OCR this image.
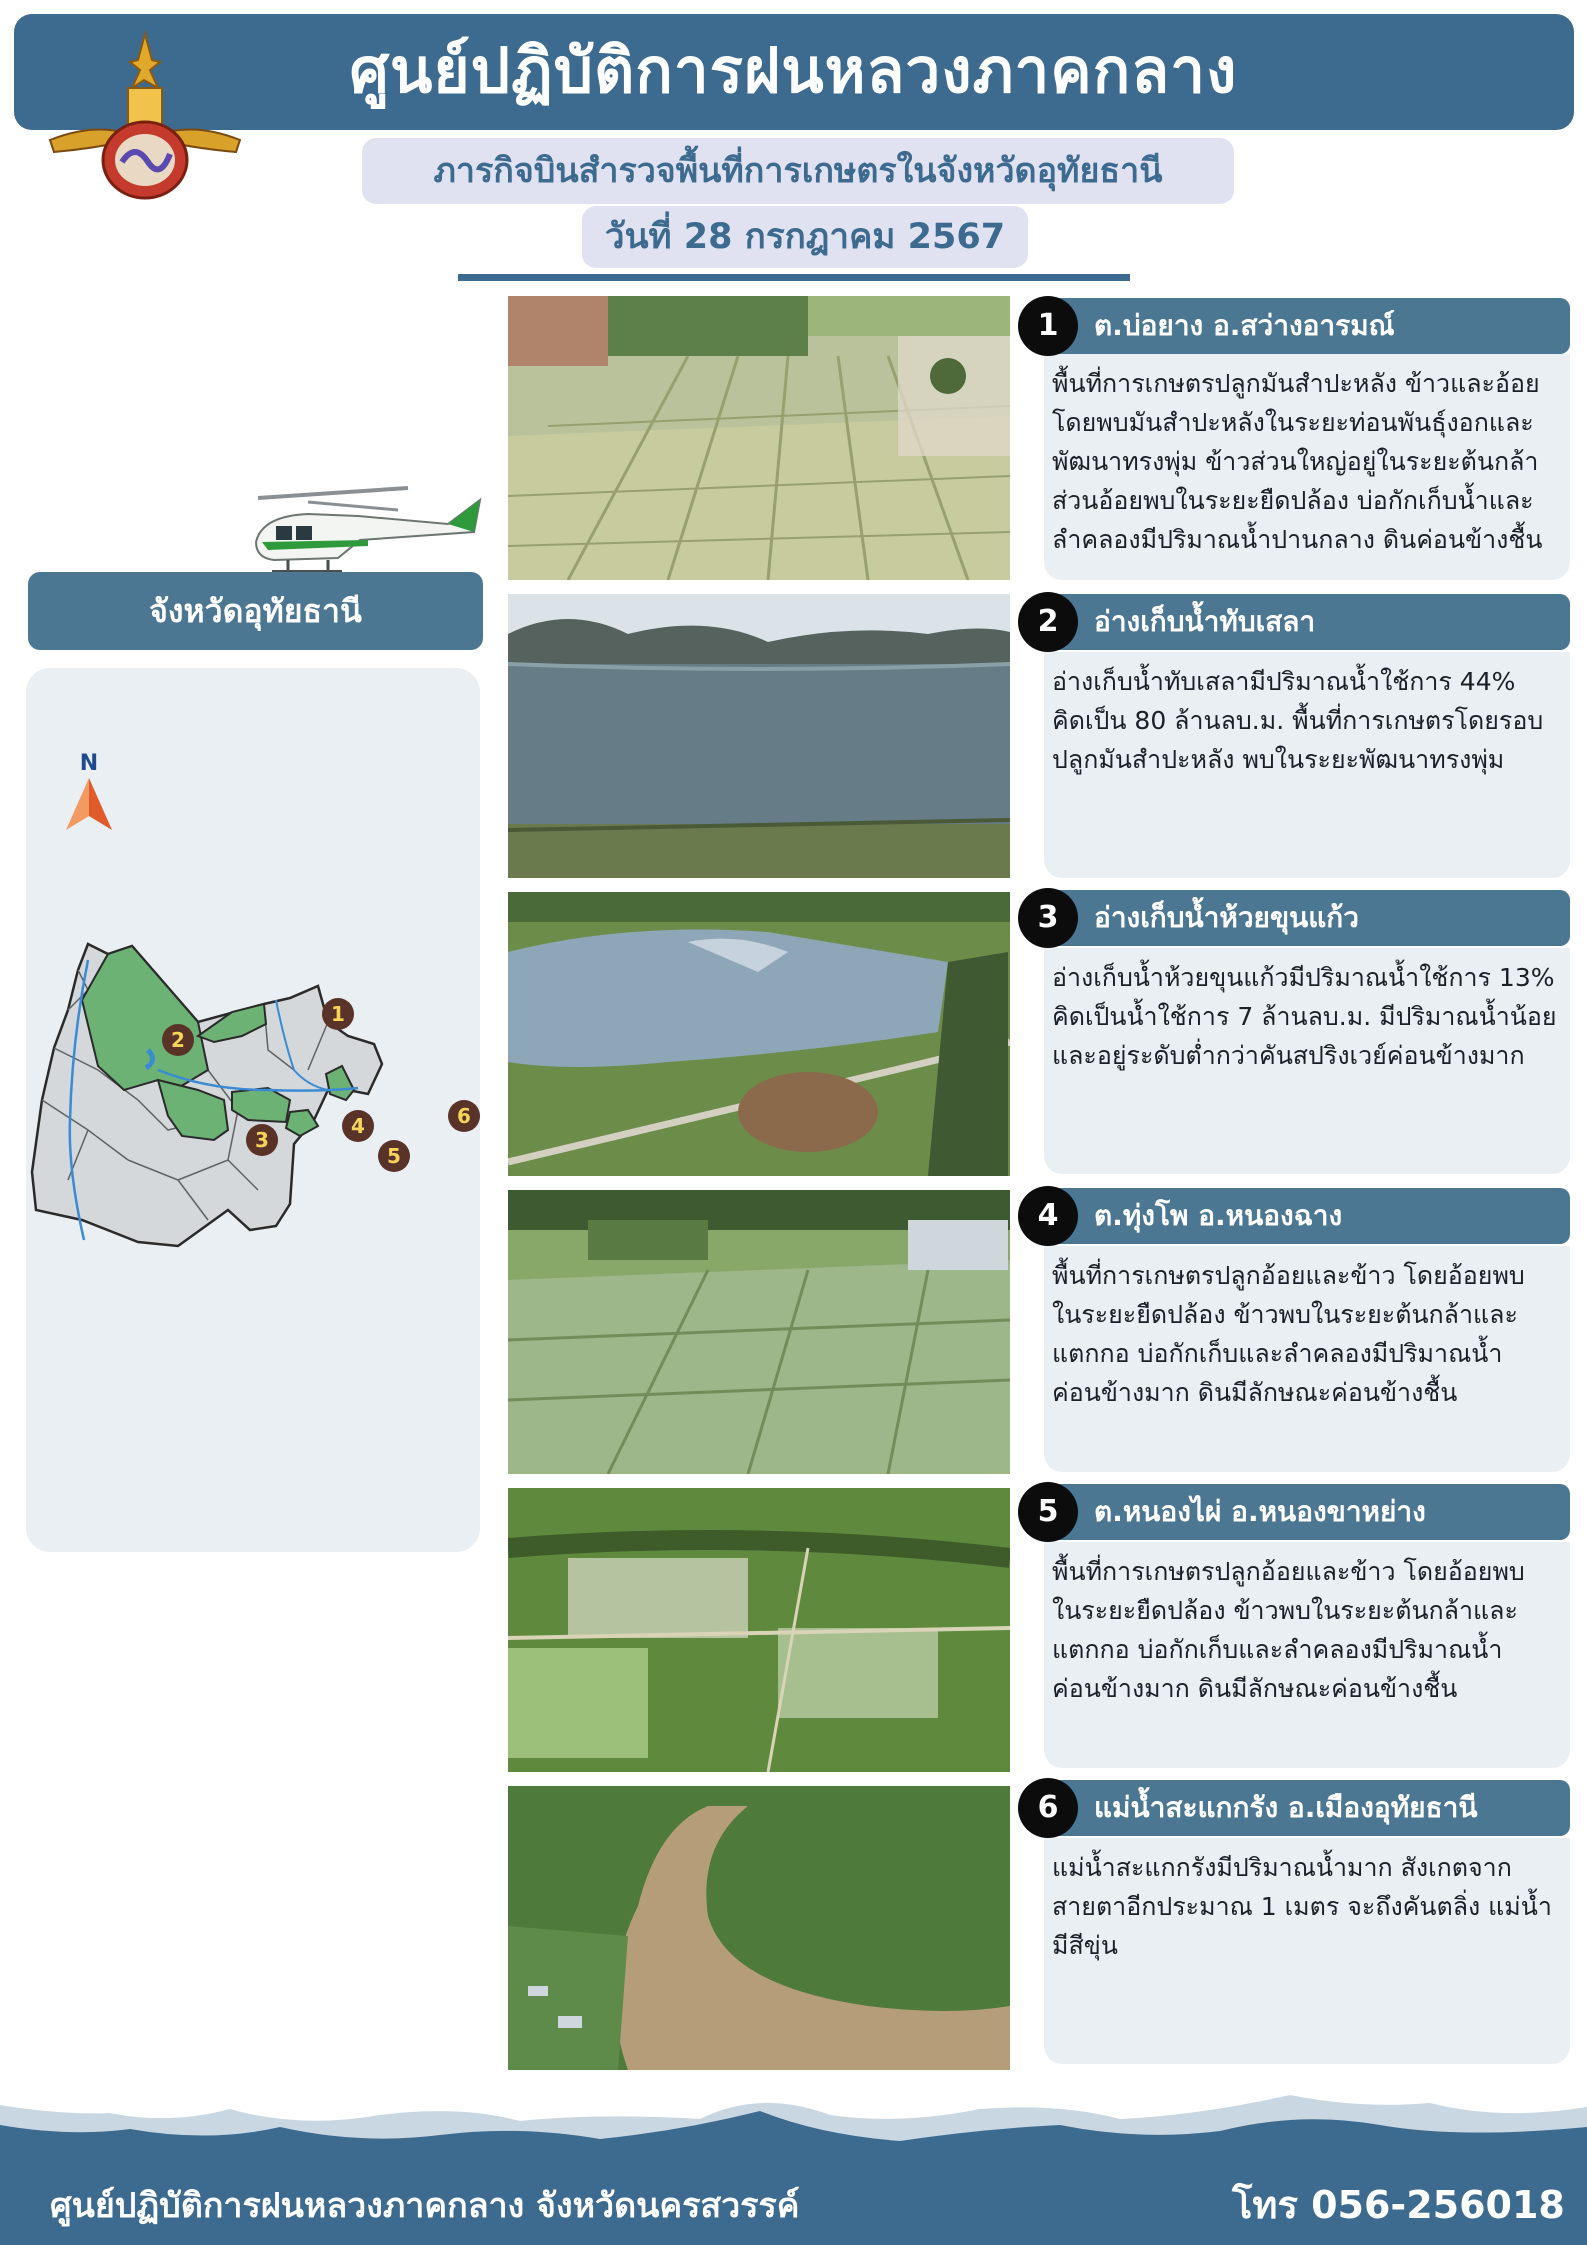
ศูนย์ปฏิบัติการฝนหลวงภาคกลาง
ภารกิจบินสำรวจพื้นที่การเกษตรในจังหวัดอุทัยธานี
วันที่ 28 กรกฎาคม 2567
จังหวัดอุทัยธานี
N
1
2
3
4
5
6
1	ต.บ่อยาง อ.สว่างอารมณ์
พื้นที่การเกษตรปลูกมันสำปะหลัง ข้าวและอ้อย
โดยพบมันสำปะหลังในระยะท่อนพันธุ์งอกและ
พัฒนาทรงพุ่ม ข้าวส่วนใหญ่อยู่ในระยะต้นกล้า
ส่วนอ้อยพบในระยะยืดปล้อง บ่อกักเก็บน้ำและ
ลำคลองมีปริมาณน้ำปานกลาง ดินค่อนข้างชื้น
2	อ่างเก็บน้ำทับเสลา
อ่างเก็บน้ำทับเสลามีปริมาณน้ำใช้การ 44%
คิดเป็น 80 ล้านลบ.ม. พื้นที่การเกษตรโดยรอบ
ปลูกมันสำปะหลัง พบในระยะพัฒนาทรงพุ่ม
3	อ่างเก็บน้ำห้วยขุนแก้ว
อ่างเก็บน้ำห้วยขุนแก้วมีปริมาณน้ำใช้การ 13%
คิดเป็นน้ำใช้การ 7 ล้านลบ.ม. มีปริมาณน้ำน้อย
และอยู่ระดับต่ำกว่าคันสปริงเวย์ค่อนข้างมาก
4	ต.ทุ่งโพ อ.หนองฉาง
พื้นที่การเกษตรปลูกอ้อยและข้าว โดยอ้อยพบ
ในระยะยืดปล้อง ข้าวพบในระยะต้นกล้าและ
แตกกอ บ่อกักเก็บและลำคลองมีปริมาณน้ำ
ค่อนข้างมาก ดินมีลักษณะค่อนข้างชื้น
5	ต.หนองไผ่ อ.หนองขาหย่าง
พื้นที่การเกษตรปลูกอ้อยและข้าว โดยอ้อยพบ
ในระยะยืดปล้อง ข้าวพบในระยะต้นกล้าและ
แตกกอ บ่อกักเก็บและลำคลองมีปริมาณน้ำ
ค่อนข้างมาก ดินมีลักษณะค่อนข้างชื้น
6	แม่น้ำสะแกกรัง อ.เมืองอุทัยธานี
แม่น้ำสะแกกรังมีปริมาณน้ำมาก สังเกตจาก
สายตาอีกประมาณ 1 เมตร จะถึงคันตลิ่ง แม่น้ำ
มีสีขุ่น
ศูนย์ปฏิบัติการฝนหลวงภาคกลาง จังหวัดนครสวรรค์	โทร 056-256018
